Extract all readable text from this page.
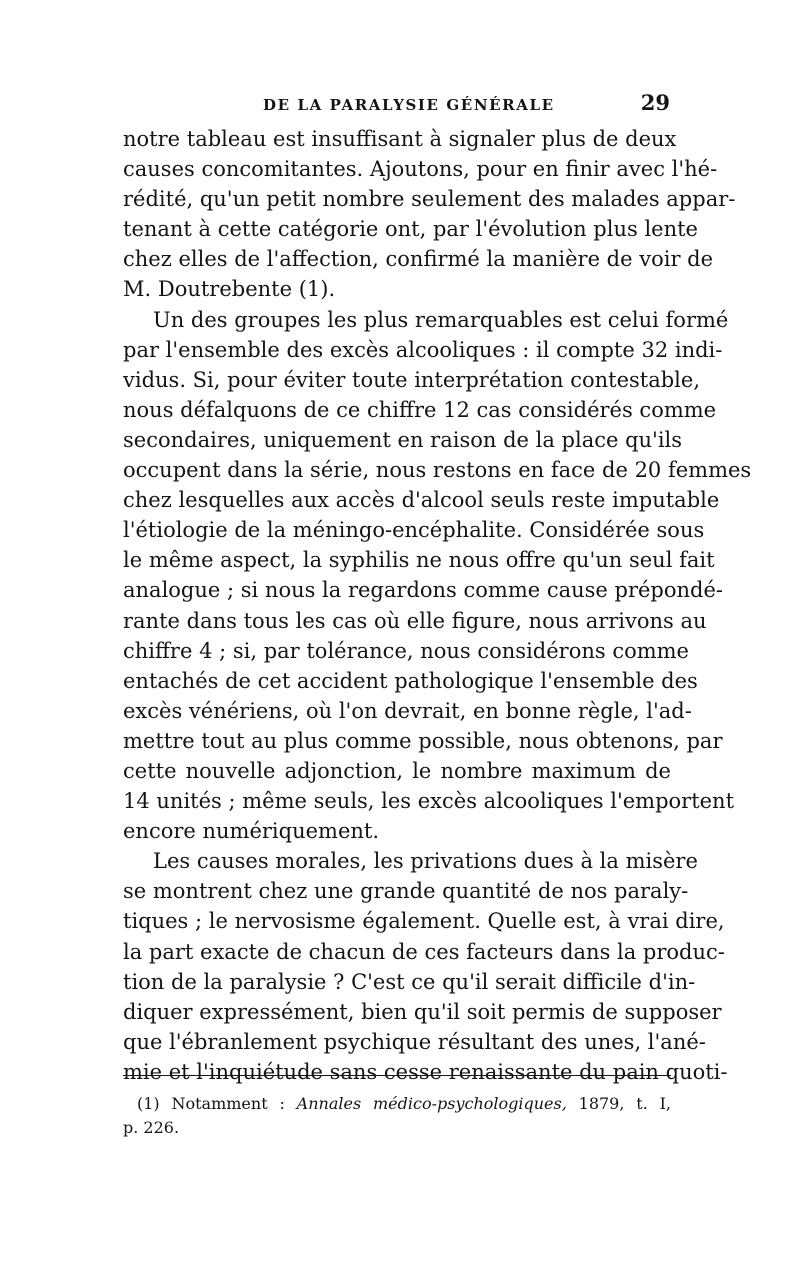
DE LA PARALYSIE GÉNÉRALE	29
notre tableau est insuffisant à signaler plus de deux
causes concomitantes. Ajoutons, pour en finir avec l'hé-
rédité, qu'un petit nombre seulement des malades appar-
tenant à cette catégorie ont, par l'évolution plus lente
chez elles de l'affection, confirmé la manière de voir de
M. Doutrebente (1).
Un des groupes les plus remarquables est celui formé
par l'ensemble des excès alcooliques : il compte 32 indi-
vidus. Si, pour éviter toute interprétation contestable,
nous défalquons de ce chiffre 12 cas considérés comme
secondaires, uniquement en raison de la place qu'ils
occupent dans la série, nous restons en face de 20 femmes
chez lesquelles aux accès d'alcool seuls reste imputable
l'étiologie de la méningo-encéphalite. Considérée sous
le même aspect, la syphilis ne nous offre qu'un seul fait
analogue ; si nous la regardons comme cause prépondé-
rante dans tous les cas où elle figure, nous arrivons au
chiffre 4 ; si, par tolérance, nous considérons comme
entachés de cet accident pathologique l'ensemble des
excès vénériens, où l'on devrait, en bonne règle, l'ad-
mettre tout au plus comme possible, nous obtenons, par
cette nouvelle adjonction, le nombre maximum de
14 unités ; même seuls, les excès alcooliques l'emportent
encore numériquement.
Les causes morales, les privations dues à la misère
se montrent chez une grande quantité de nos paraly-
tiques ; le nervosisme également. Quelle est, à vrai dire,
la part exacte de chacun de ces facteurs dans la produc-
tion de la paralysie ? C'est ce qu'il serait difficile d'in-
diquer expressément, bien qu'il soit permis de supposer
que l'ébranlement psychique résultant des unes, l'ané-
mie et l'inquiétude sans cesse renaissante du pain quoti-
(1) Notamment : Annales médico-psychologiques, 1879, t. I,
p. 226.
